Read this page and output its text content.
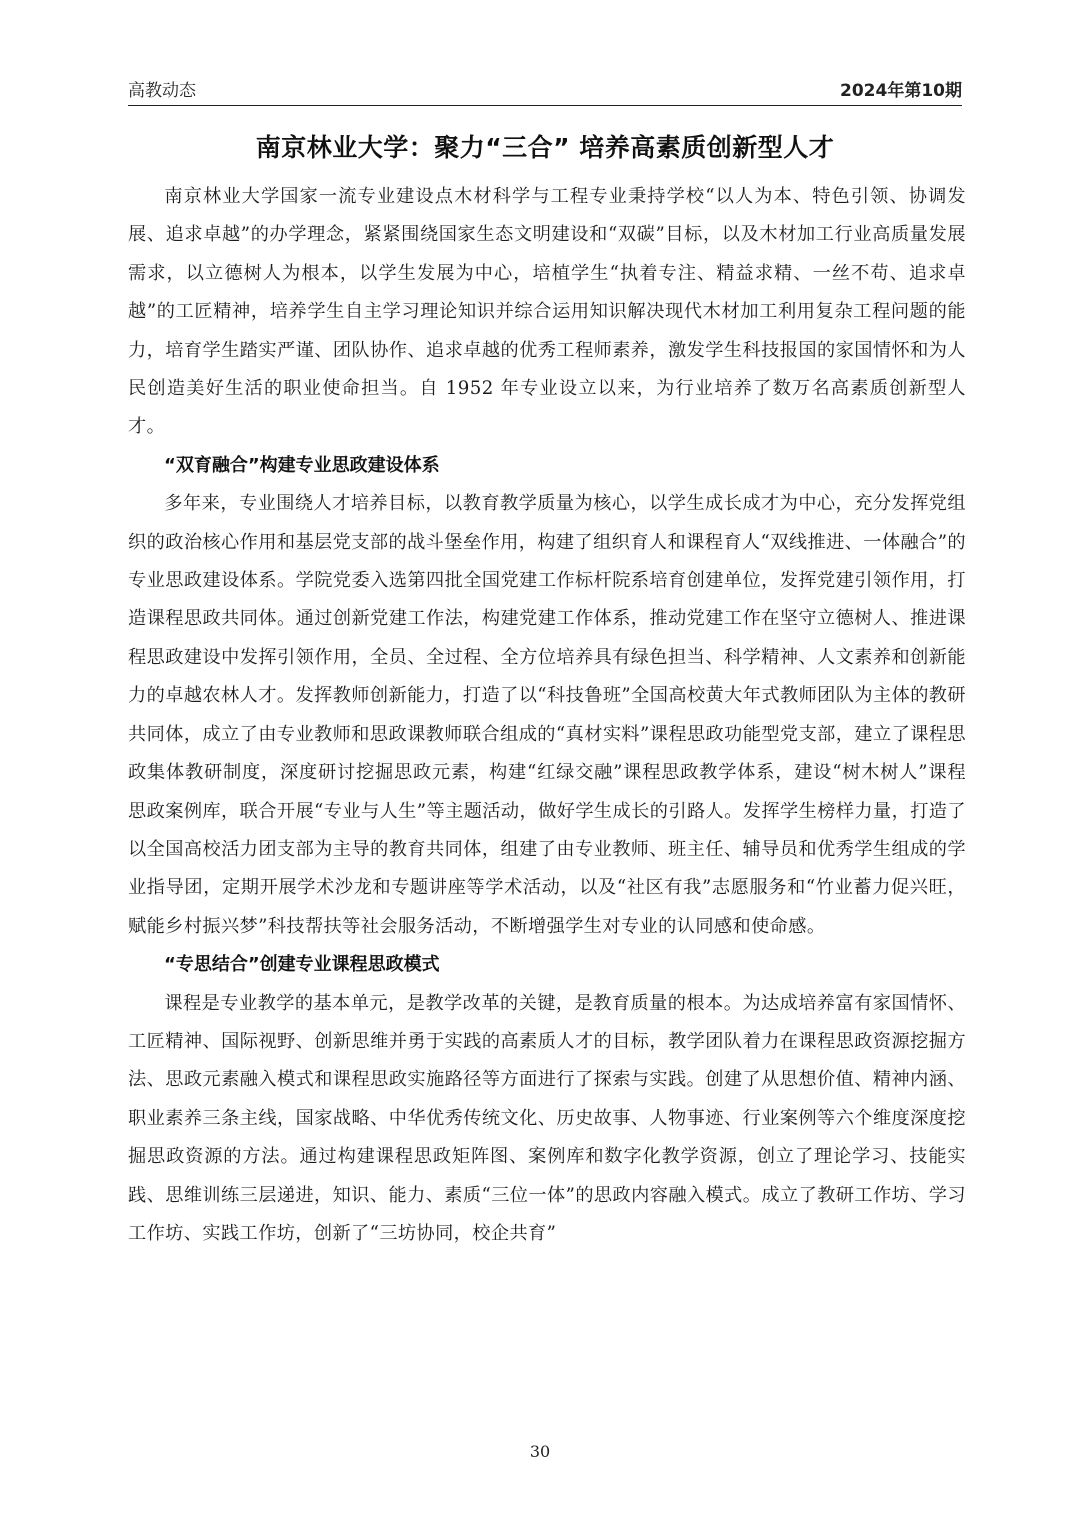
高教动态	2024年第10期
南京林业大学：聚力“三合” 培养高素质创新型人才

南京林业大学国家一流专业建设点木材科学与工程专业秉持学校“以人为本、特色引领、协调发展、追求卓越”的办学理念，紧紧围绕国家生态文明建设和“双碳”目标，以及木材加工行业高质量发展需求，以立德树人为根本，以学生发展为中心，培植学生“执着专注、精益求精、一丝不苟、追求卓越”的工匠精神，培养学生自主学习理论知识并综合运用知识解决现代木材加工利用复杂工程问题的能力，培育学生踏实严谨、团队协作、追求卓越的优秀工程师素养，激发学生科技报国的家国情怀和为人民创造美好生活的职业使命担当。自 1952 年专业设立以来，为行业培养了数万名高素质创新型人才。

“双育融合”构建专业思政建设体系

多年来，专业围绕人才培养目标，以教育教学质量为核心，以学生成长成才为中心，充分发挥党组织的政治核心作用和基层党支部的战斗堡垒作用，构建了组织育人和课程育人“双线推进、一体融合”的专业思政建设体系。学院党委入选第四批全国党建工作标杆院系培育创建单位，发挥党建引领作用，打造课程思政共同体。通过创新党建工作法，构建党建工作体系，推动党建工作在坚守立德树人、推进课程思政建设中发挥引领作用，全员、全过程、全方位培养具有绿色担当、科学精神、人文素养和创新能力的卓越农林人才。发挥教师创新能力，打造了以“科技鲁班”全国高校黄大年式教师团队为主体的教研共同体，成立了由专业教师和思政课教师联合组成的“真材实料”课程思政功能型党支部，建立了课程思政集体教研制度，深度研讨挖掘思政元素，构建“红绿交融”课程思政教学体系，建设“树木树人”课程思政案例库，联合开展“专业与人生”等主题活动，做好学生成长的引路人。发挥学生榜样力量，打造了以全国高校活力团支部为主导的教育共同体，组建了由专业教师、班主任、辅导员和优秀学生组成的学业指导团，定期开展学术沙龙和专题讲座等学术活动，以及“社区有我”志愿服务和“竹业蓄力促兴旺，赋能乡村振兴梦”科技帮扶等社会服务活动，不断增强学生对专业的认同感和使命感。

“专思结合”创建专业课程思政模式

课程是专业教学的基本单元，是教学改革的关键，是教育质量的根本。为达成培养富有家国情怀、工匠精神、国际视野、创新思维并勇于实践的高素质人才的目标，教学团队着力在课程思政资源挖掘方法、思政元素融入模式和课程思政实施路径等方面进行了探索与实践。创建了从思想价值、精神内涵、职业素养三条主线，国家战略、中华优秀传统文化、历史故事、人物事迹、行业案例等六个维度深度挖掘思政资源的方法。通过构建课程思政矩阵图、案例库和数字化教学资源，创立了理论学习、技能实践、思维训练三层递进，知识、能力、素质“三位一体”的思政内容融入模式。成立了教研工作坊、学习工作坊、实践工作坊，创新了“三坊协同，校企共育”

30
